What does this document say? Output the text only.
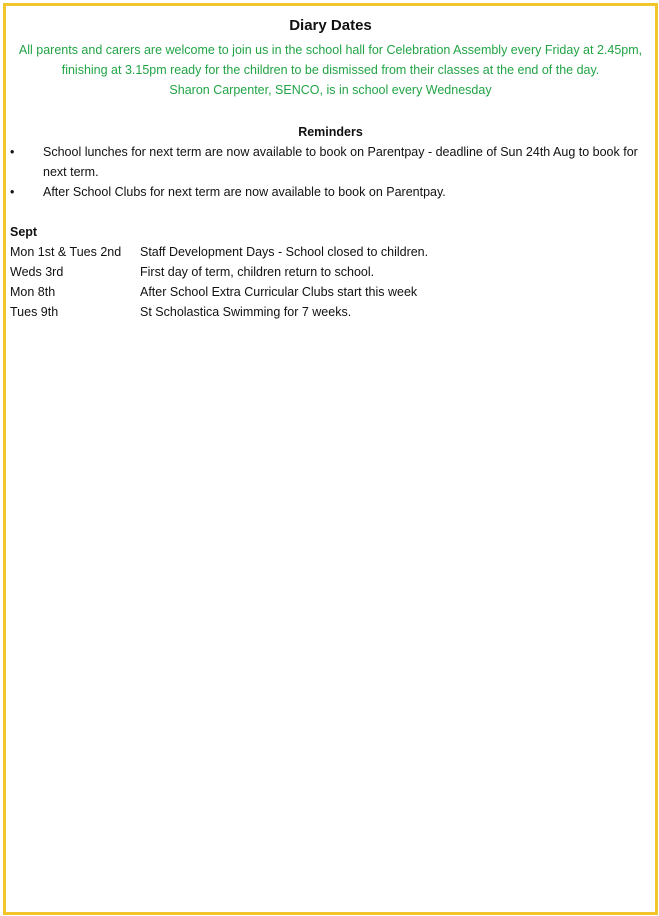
Diary Dates
All parents and carers are welcome to join us in the school hall for Celebration Assembly every Friday at 2.45pm,
finishing at 3.15pm ready for the children to be dismissed from their classes at the end of the day.
Sharon Carpenter, SENCO, is in school every Wednesday
Reminders
•	School lunches for next term are now available to book on Parentpay - deadline of Sun 24th Aug to book for next term.
•	After School Clubs for next term are now available to book on Parentpay.
Sept
Mon 1st & Tues 2nd	Staff Development Days - School closed to children.
Weds 3rd	First day of term, children return to school.
Mon 8th	After School Extra Curricular Clubs start this week
Tues 9th	St Scholastica Swimming for 7 weeks.
